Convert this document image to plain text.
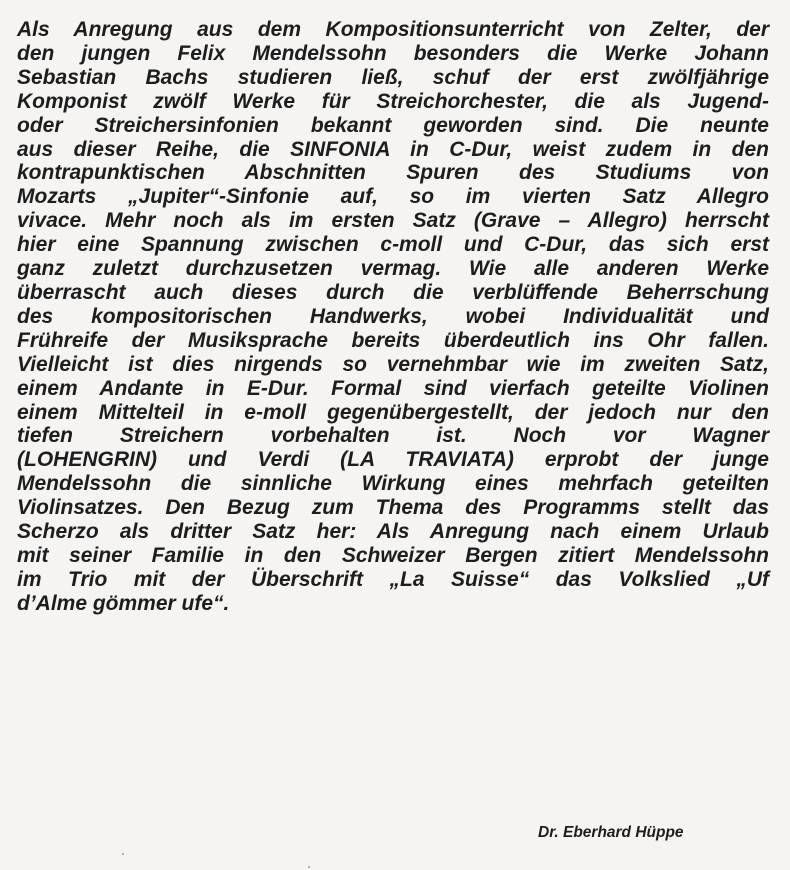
Als Anregung aus dem Kompositionsunterricht von Zelter, der
den jungen Felix Mendelssohn besonders die Werke Johann
Sebastian Bachs studieren ließ, schuf der erst zwölfjährige
Komponist zwölf Werke für Streichorchester, die als Jugend-
oder Streichersinfonien bekannt geworden sind. Die neunte
aus dieser Reihe, die SINFONIA in C-Dur, weist zudem in den
kontrapunktischen Abschnitten Spuren des Studiums von
Mozarts „Jupiter“-Sinfonie auf, so im vierten Satz Allegro
vivace. Mehr noch als im ersten Satz (Grave – Allegro) herrscht
hier eine Spannung zwischen c-moll und C-Dur, das sich erst
ganz zuletzt durchzusetzen vermag. Wie alle anderen Werke
überrascht auch dieses durch die verblüffende Beherrschung
des kompositorischen Handwerks, wobei Individualität und
Frühreife der Musiksprache bereits überdeutlich ins Ohr fallen.
Vielleicht ist dies nirgends so vernehmbar wie im zweiten Satz,
einem Andante in E-Dur. Formal sind vierfach geteilte Violinen
einem Mittelteil in e-moll gegenübergestellt, der jedoch nur den
tiefen Streichern vorbehalten ist. Noch vor Wagner
(LOHENGRIN) und Verdi (LA TRAVIATA) erprobt der junge
Mendelssohn die sinnliche Wirkung eines mehrfach geteilten
Violinsatzes. Den Bezug zum Thema des Programms stellt das
Scherzo als dritter Satz her: Als Anregung nach einem Urlaub
mit seiner Familie in den Schweizer Bergen zitiert Mendelssohn
im Trio mit der Überschrift „La Suisse“ das Volkslied „Uf
d’Alme gömmer ufe“.

Dr. Eberhard Hüppe
